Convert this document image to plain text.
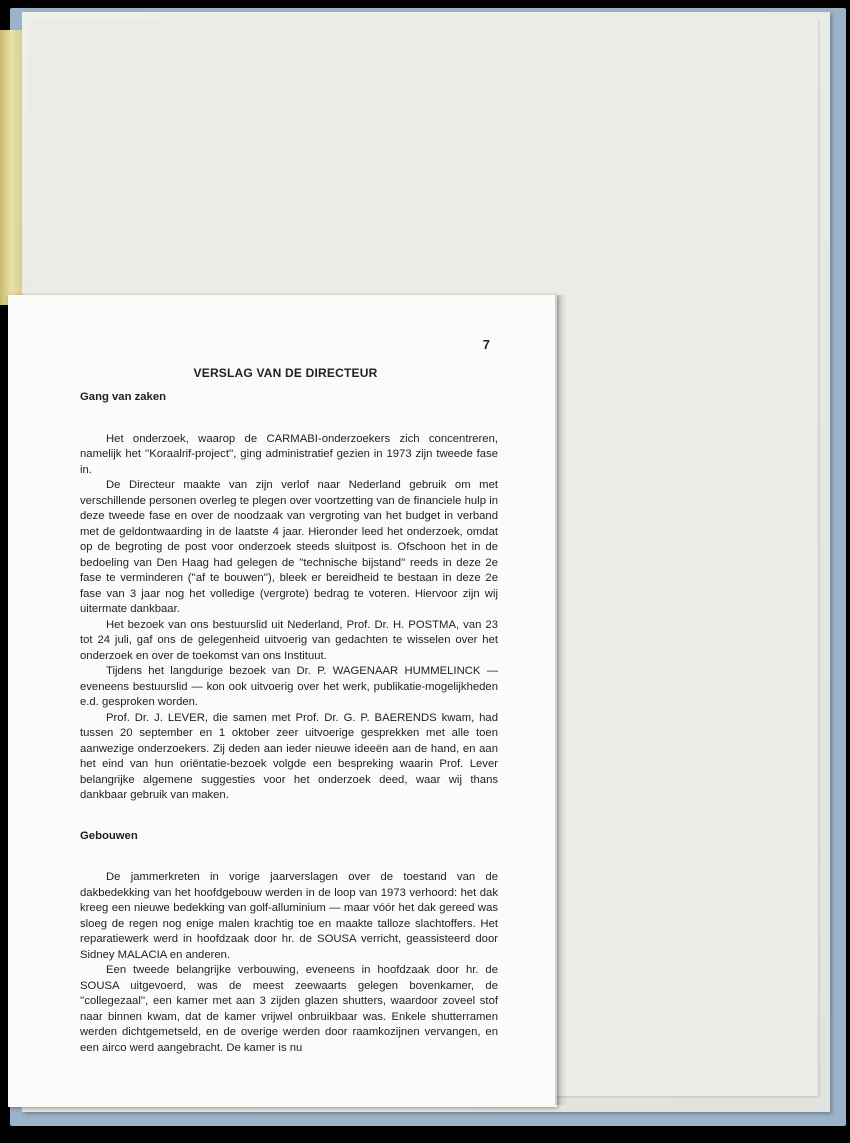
7
VERSLAG VAN DE DIRECTEUR
Gang van zaken

Het onderzoek, waarop de CARMABI-onderzoekers zich concentreren, namelijk het ''Koraalrif-project'', ging administratief gezien in 1973 zijn tweede fase in.

De Directeur maakte van zijn verlof naar Nederland gebruik om met verschillende personen overleg te plegen over voortzetting van de financiele hulp in deze tweede fase en over de noodzaak van vergroting van het budget in verband met de geldontwaarding in de laatste 4 jaar. Hieronder leed het onderzoek, omdat op de begroting de post voor onderzoek steeds sluitpost is. Ofschoon het in de bedoeling van Den Haag had gelegen de ''technische bijstand'' reeds in deze 2e fase te verminderen (''af te bouwen''), bleek er bereidheid te bestaan in deze 2e fase van 3 jaar nog het volledige (vergrote) bedrag te voteren. Hiervoor zijn wij uitermate dankbaar.

Het bezoek van ons bestuurslid uit Nederland, Prof. Dr. H. POSTMA, van 23 tot 24 juli, gaf ons de gelegenheid uitvoerig van gedachten te wisselen over het onderzoek en over de toekomst van ons Instituut.

Tijdens het langdurige bezoek van Dr. P. WAGENAAR HUMMELINCK — eveneens bestuurslid — kon ook uitvoerig over het werk, publikatie-mogelijkheden e.d. gesproken worden.

Prof. Dr. J. LEVER, die samen met Prof. Dr. G. P. BAERENDS kwam, had tussen 20 september en 1 oktober zeer uitvoerige gesprekken met alle toen aanwezige onderzoekers. Zij deden aan ieder nieuwe ideeën aan de hand, en aan het eind van hun oriëntatie-bezoek volgde een bespreking waarin Prof. Lever belangrijke algemene suggesties voor het onderzoek deed, waar wij thans dankbaar gebruik van maken.

Gebouwen

De jammerkreten in vorige jaarverslagen over de toestand van de dakbedekking van het hoofdgebouw werden in de loop van 1973 verhoord: het dak kreeg een nieuwe bedekking van golf-alluminium — maar vóór het dak gereed was sloeg de regen nog enige malen krachtig toe en maakte talloze slachtoffers. Het reparatiewerk werd in hoofdzaak door hr. de SOUSA verricht, geassisteerd door Sidney MALACIA en anderen.

Een tweede belangrijke verbouwing, eveneens in hoofdzaak door hr. de SOUSA uitgevoerd, was de meest zeewaarts gelegen bovenkamer, de ''collegezaal'', een kamer met aan 3 zijden glazen shutters, waardoor zoveel stof naar binnen kwam, dat de kamer vrijwel onbruikbaar was. Enkele shutterramen werden dichtgemetseld, en de overige werden door raamkozijnen vervangen, en een airco werd aangebracht. De kamer is nu
